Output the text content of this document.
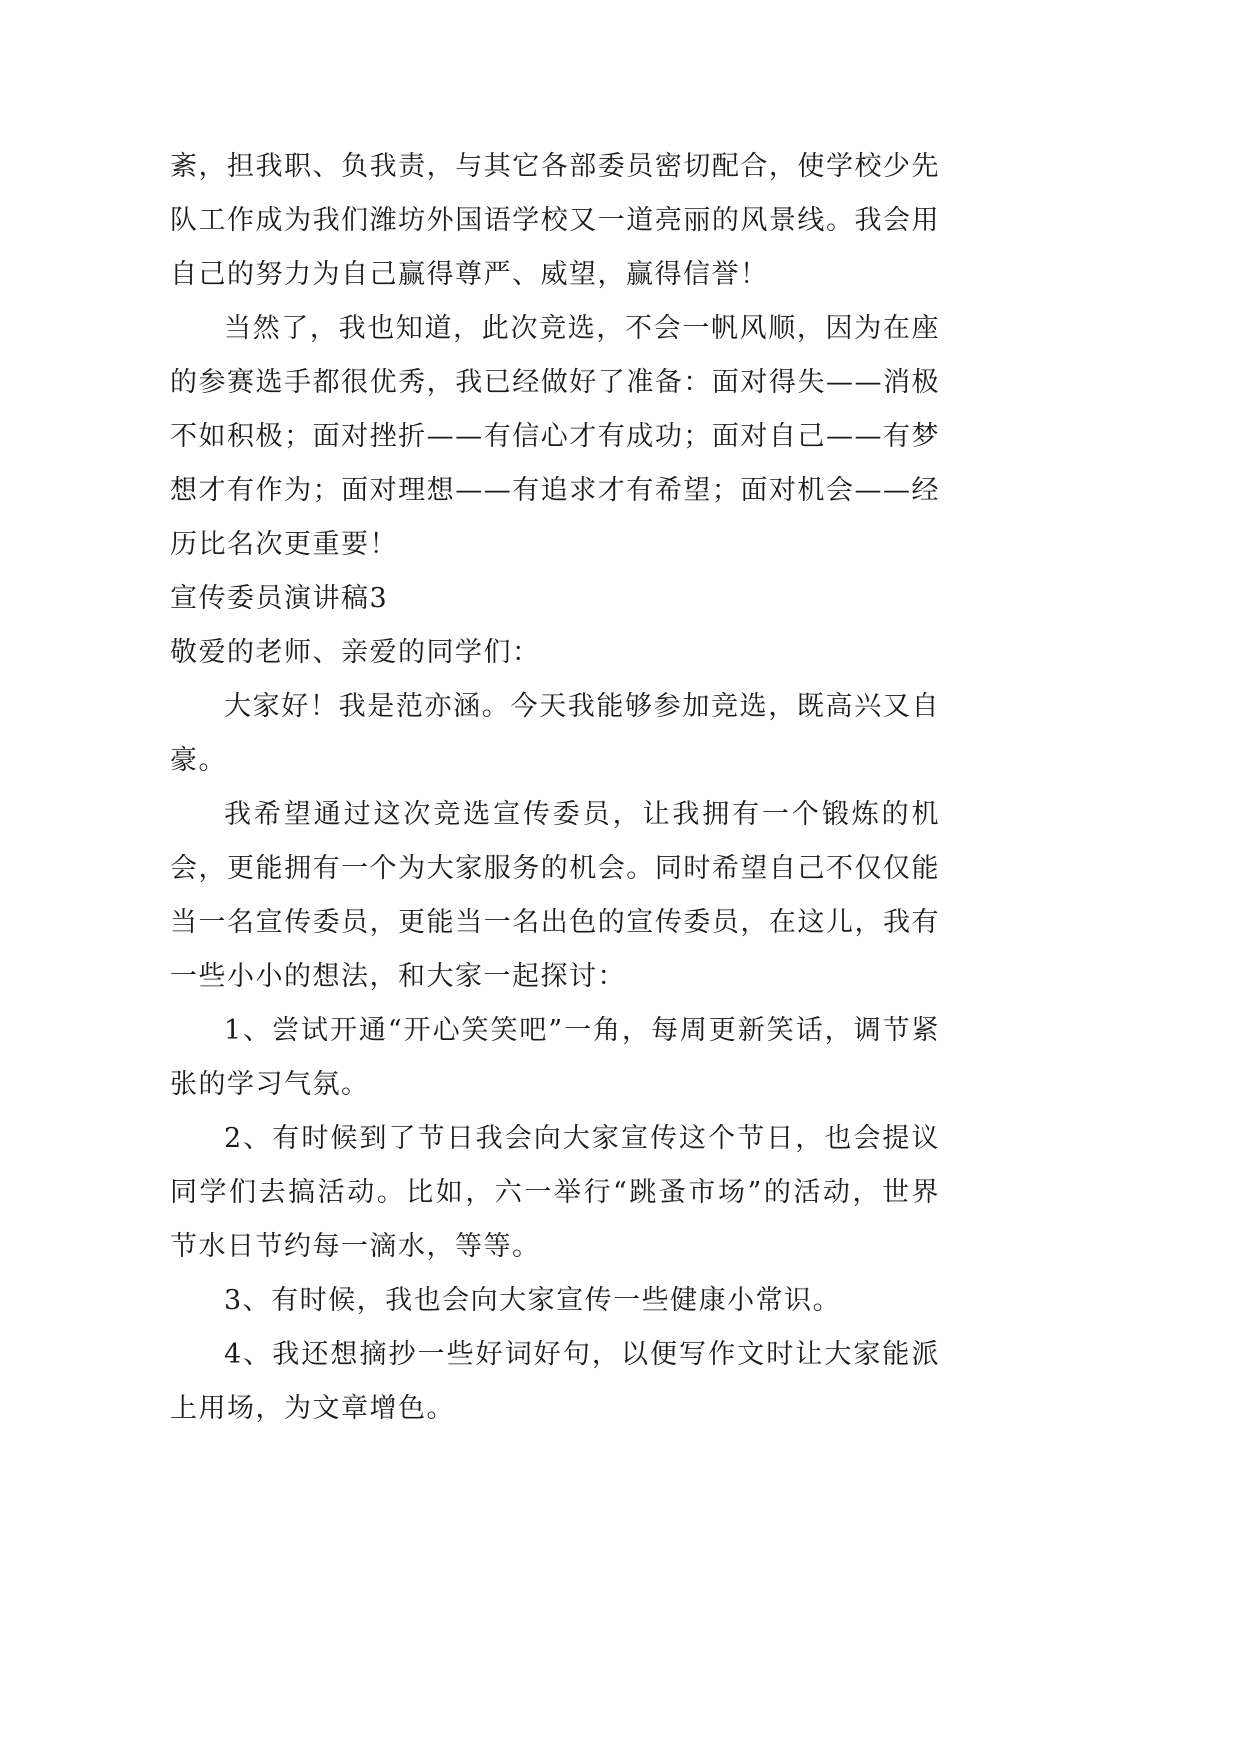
紊，担我职、负我责，与其它各部委员密切配合，使学校少先队工作成为我们潍坊外国语学校又一道亮丽的风景线。我会用自己的努力为自己赢得尊严、威望，赢得信誉！

当然了，我也知道，此次竞选，不会一帆风顺，因为在座的参赛选手都很优秀，我已经做好了准备：面对得失——消极不如积极；面对挫折——有信心才有成功；面对自己——有梦想才有作为；面对理想——有追求才有希望；面对机会——经历比名次更重要！

宣传委员演讲稿3

敬爱的老师、亲爱的同学们：

大家好！我是范亦涵。今天我能够参加竞选，既高兴又自豪。

我希望通过这次竞选宣传委员，让我拥有一个锻炼的机会，更能拥有一个为大家服务的机会。同时希望自己不仅仅能当一名宣传委员，更能当一名出色的宣传委员，在这儿，我有一些小小的想法，和大家一起探讨：

1、尝试开通“开心笑笑吧”一角，每周更新笑话，调节紧张的学习气氛。

2、有时候到了节日我会向大家宣传这个节日，也会提议同学们去搞活动。比如，六一举行“跳蚤市场”的活动，世界节水日节约每一滴水，等等。

3、有时候，我也会向大家宣传一些健康小常识。

4、我还想摘抄一些好词好句，以便写作文时让大家能派上用场，为文章增色。
